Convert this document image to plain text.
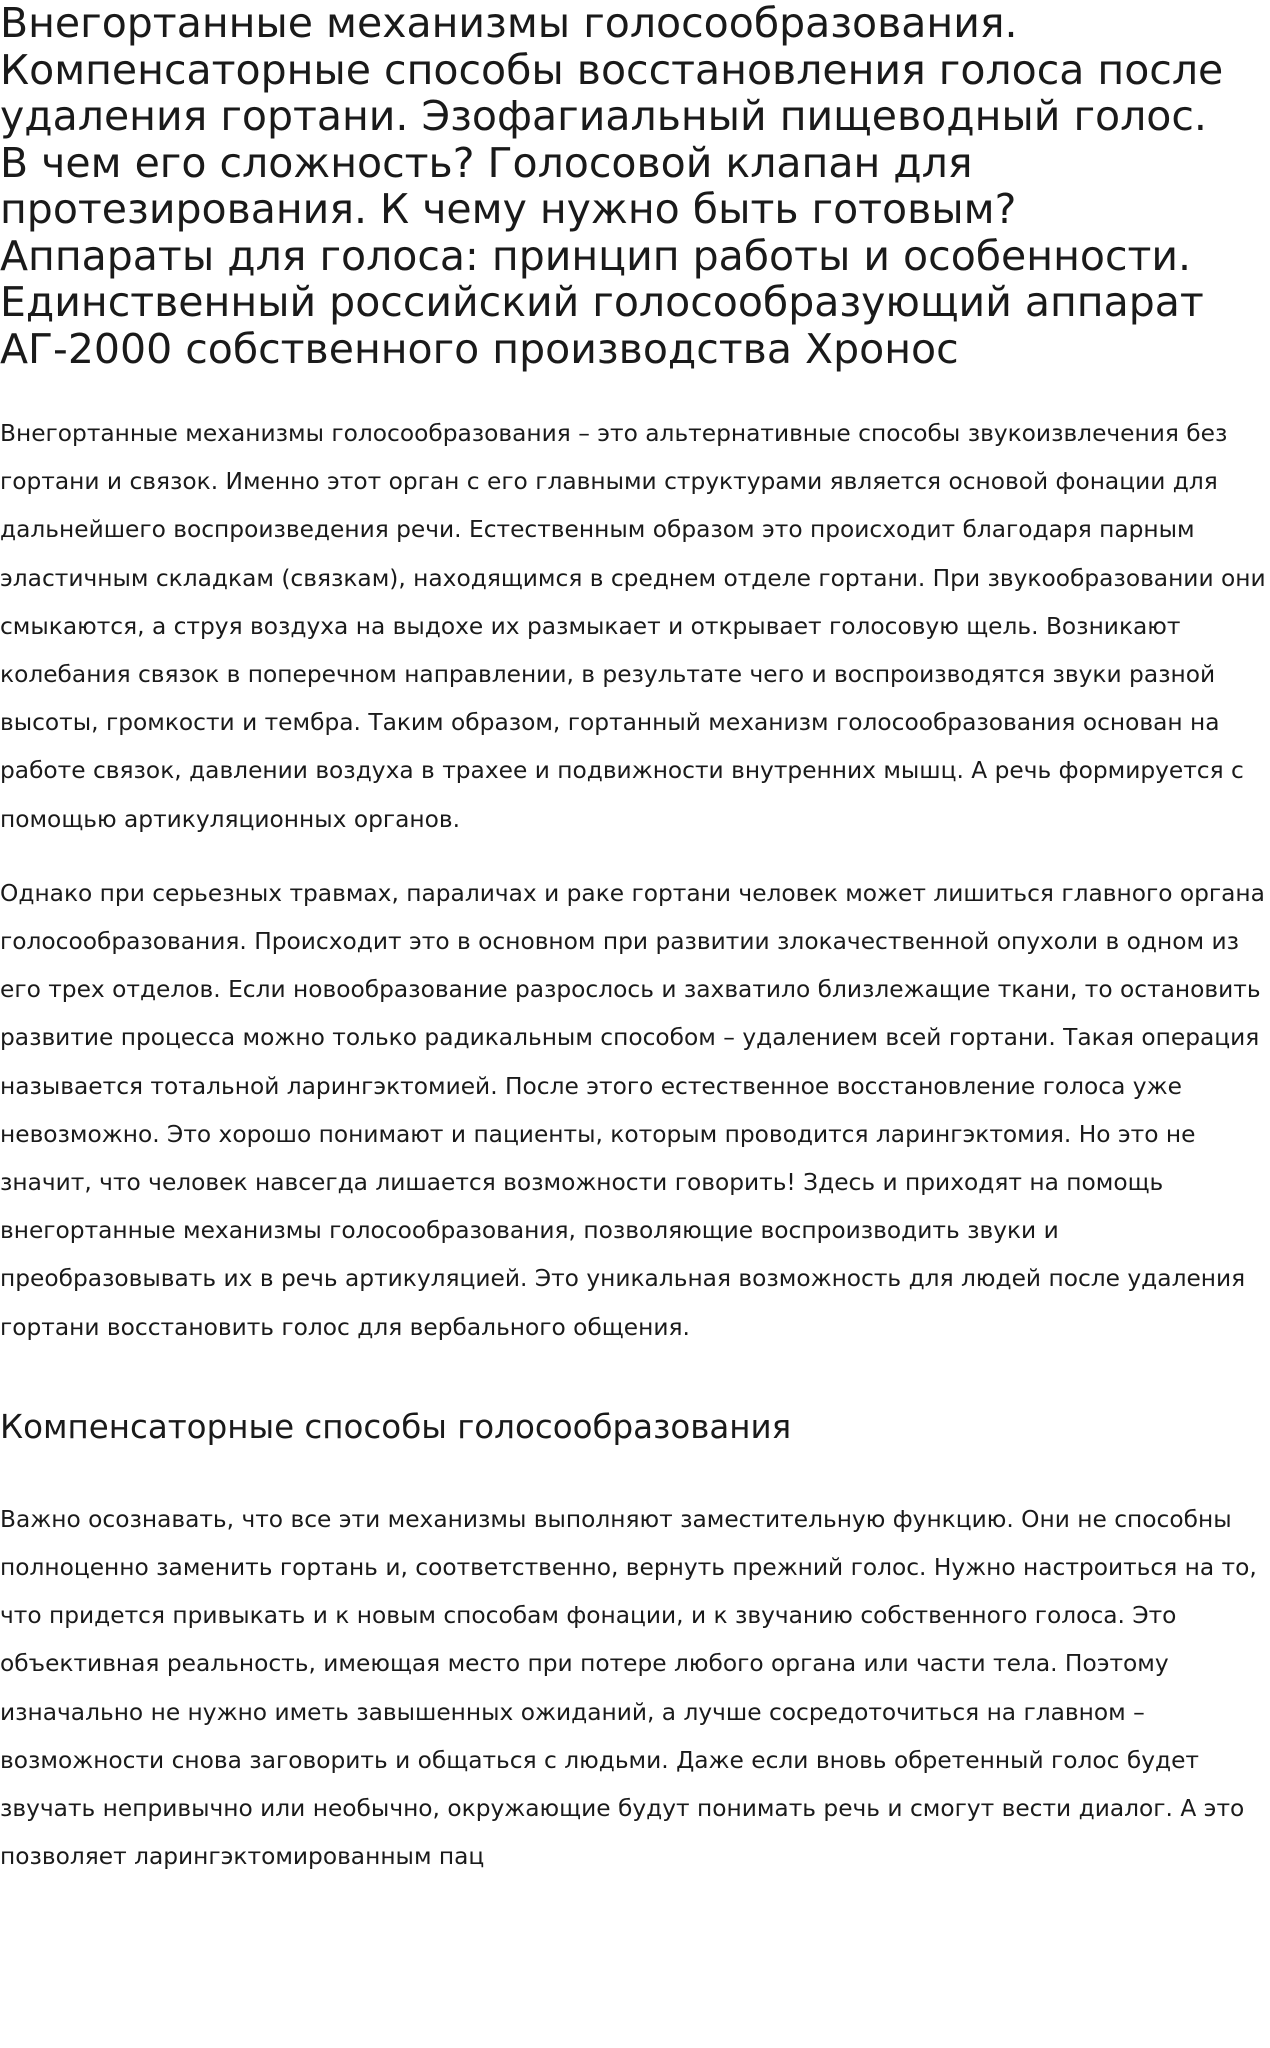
Внегортанные механизмы голосообразования. Компенсаторные способы восстановления голоса после удаления гортани. Эзофагиальный пищеводный голос. В чем его сложность? Голосовой клапан для протезирования. К чему нужно быть готовым? Аппараты для голоса: принцип работы и особенности. Единственный российский голосообразующий аппарат АГ-2000 собственного производства Хронос

Внегортанные механизмы голосообразования – это альтернативные способы звукоизвлечения без гортани и связок. Именно этот орган с его главными структурами является основой фонации для дальнейшего воспроизведения речи. Естественным образом это происходит благодаря парным эластичным складкам (связкам), находящимся в среднем отделе гортани. При звукообразовании они смыкаются, а струя воздуха на выдохе их размыкает и открывает голосовую щель. Возникают колебания связок в поперечном направлении, в результате чего и воспроизводятся звуки разной высоты, громкости и тембра. Таким образом, гортанный механизм голосообразования основан на работе связок, давлении воздуха в трахее и подвижности внутренних мышц. А речь формируется с помощью артикуляционных органов.

Однако при серьезных травмах, параличах и раке гортани человек может лишиться главного органа голосообразования. Происходит это в основном при развитии злокачественной опухоли в одном из его трех отделов. Если новообразование разрослось и захватило близлежащие ткани, то остановить развитие процесса можно только радикальным способом – удалением всей гортани. Такая операция называется тотальной ларингэктомией. После этого естественное восстановление голоса уже невозможно. Это хорошо понимают и пациенты, которым проводится ларингэктомия. Но это не значит, что человек навсегда лишается возможности говорить! Здесь и приходят на помощь внегортанные механизмы голосообразования, позволяющие воспроизводить звуки и преобразовывать их в речь артикуляцией. Это уникальная возможность для людей после удаления гортани восстановить голос для вербального общения.

Компенсаторные способы голосообразования

Важно осознавать, что все эти механизмы выполняют заместительную функцию. Они не способны полноценно заменить гортань и, соответственно, вернуть прежний голос. Нужно настроиться на то, что придется привыкать и к новым способам фонации, и к звучанию собственного голоса. Это объективная реальность, имеющая место при потере любого органа или части тела. Поэтому изначально не нужно иметь завышенных ожиданий, а лучше сосредоточиться на главном – возможности снова заговорить и общаться с людьми. Даже если вновь обретенный голос будет звучать непривычно или необычно, окружающие будут понимать речь и смогут вести диалог. А это позволяет ларингэктомированным пац
